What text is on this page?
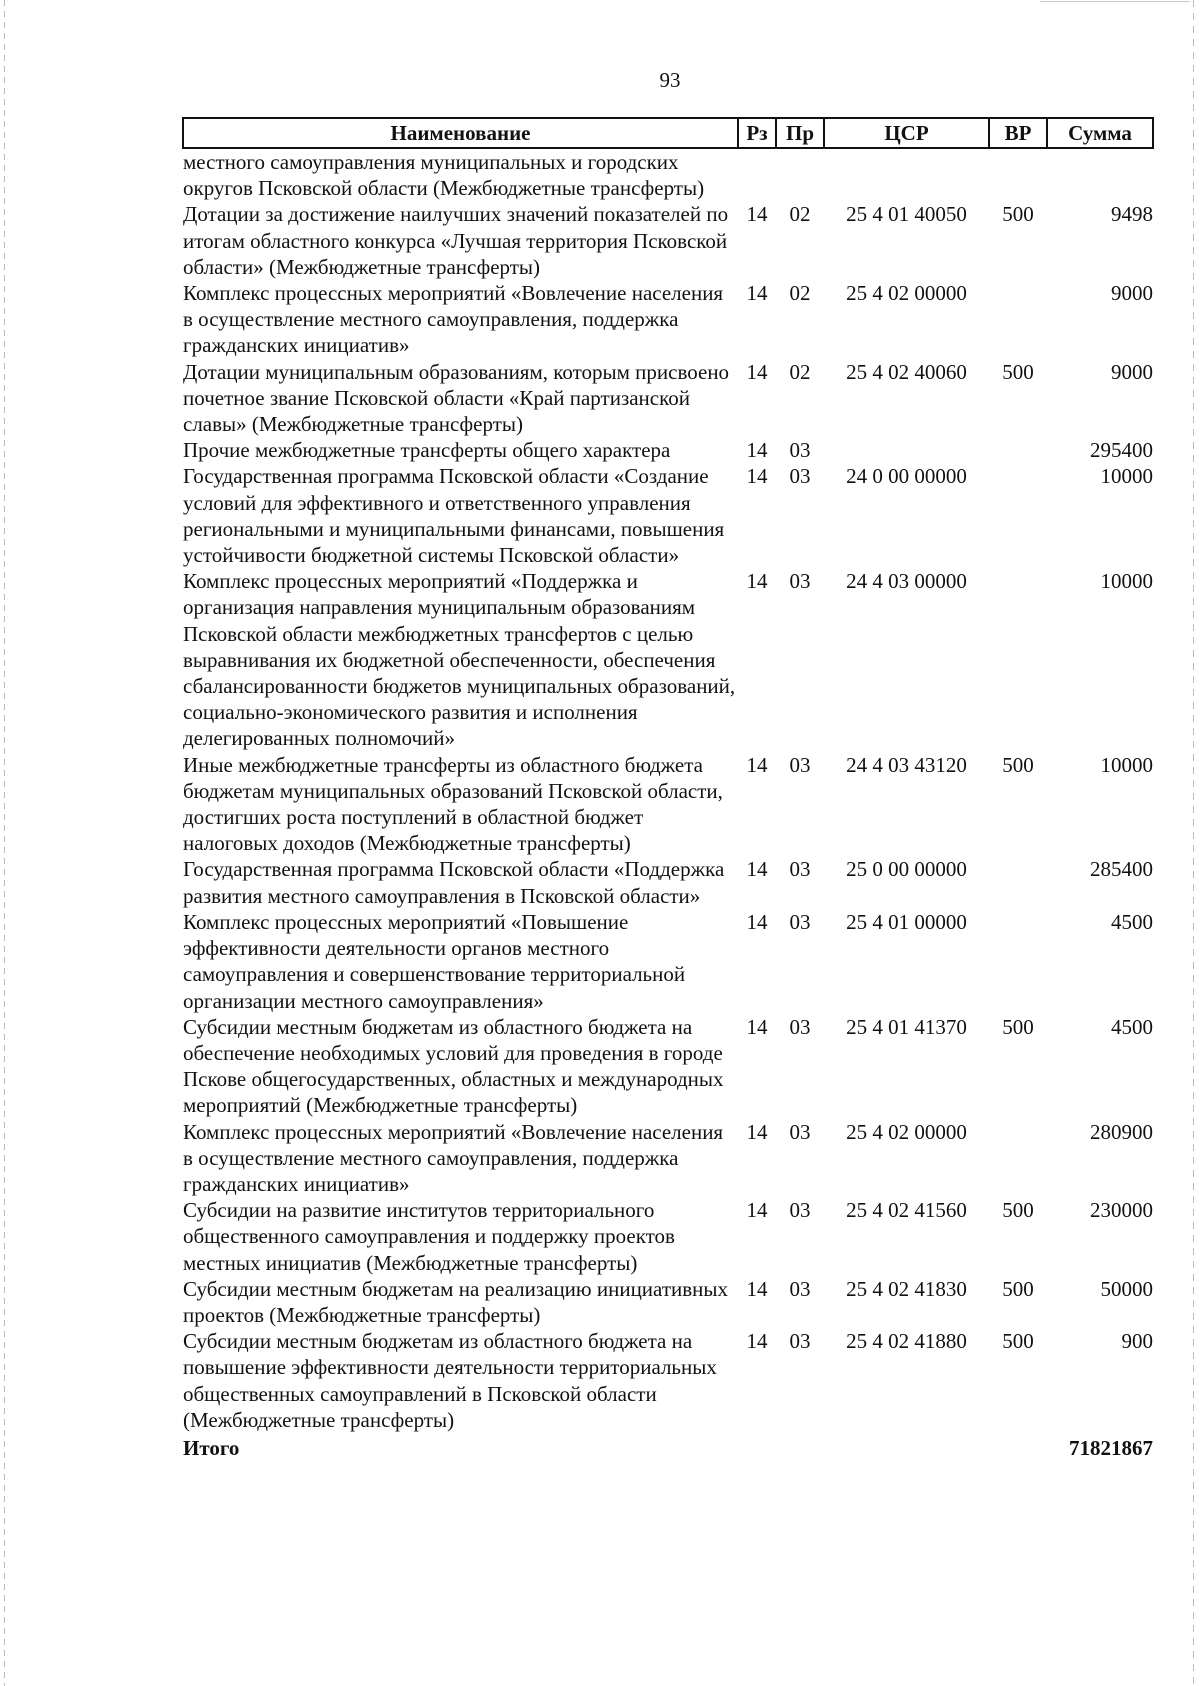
93
Наименование	Рз	Пр	ЦСР	ВР	Сумма
местного самоуправления муниципальных и городских округов Псковской области (Межбюджетные трансферты)					
Дотации за достижение наилучших значений показателей по итогам областного конкурса «Лучшая территория Псковской области» (Межбюджетные трансферты)	14	02	25 4 01 40050	500	9498
Комплекс процессных мероприятий «Вовлечение населения в осуществление местного самоуправления, поддержка гражданских инициатив»	14	02	25 4 02 00000		9000
Дотации муниципальным образованиям, которым присвоено почетное звание Псковской области «Край партизанской славы» (Межбюджетные трансферты)	14	02	25 4 02 40060	500	9000
Прочие межбюджетные трансферты общего характера	14	03			295400
Государственная программа Псковской области «Создание условий для эффективного и ответственного управления региональными и муниципальными финансами, повышения устойчивости бюджетной системы Псковской области»	14	03	24 0 00 00000		10000
Комплекс процессных мероприятий «Поддержка и организация направления муниципальным образованиям Псковской области межбюджетных трансфертов с целью выравнивания их бюджетной обеспеченности, обеспечения сбалансированности бюджетов муниципальных образований, социально-экономического развития и исполнения делегированных полномочий»	14	03	24 4 03 00000		10000
Иные межбюджетные трансферты из областного бюджета бюджетам муниципальных образований Псковской области, достигших роста поступлений в областной бюджет налоговых доходов (Межбюджетные трансферты)	14	03	24 4 03 43120	500	10000
Государственная программа Псковской области «Поддержка развития местного самоуправления в Псковской области»	14	03	25 0 00 00000		285400
Комплекс процессных мероприятий «Повышение эффективности деятельности органов местного самоуправления и совершенствование территориальной организации местного самоуправления»	14	03	25 4 01 00000		4500
Субсидии местным бюджетам из областного бюджета на обеспечение необходимых условий для проведения в городе Пскове общегосударственных, областных и международных мероприятий (Межбюджетные трансферты)	14	03	25 4 01 41370	500	4500
Комплекс процессных мероприятий «Вовлечение населения в осуществление местного самоуправления, поддержка гражданских инициатив»	14	03	25 4 02 00000		280900
Субсидии на развитие институтов территориального общественного самоуправления и поддержку проектов местных инициатив (Межбюджетные трансферты)	14	03	25 4 02 41560	500	230000
Субсидии местным бюджетам на реализацию инициативных проектов (Межбюджетные трансферты)	14	03	25 4 02 41830	500	50000
Субсидии местным бюджетам из областного бюджета на повышение эффективности деятельности территориальных общественных самоуправлений в Псковской области (Межбюджетные трансферты)	14	03	25 4 02 41880	500	900
Итого					71821867
